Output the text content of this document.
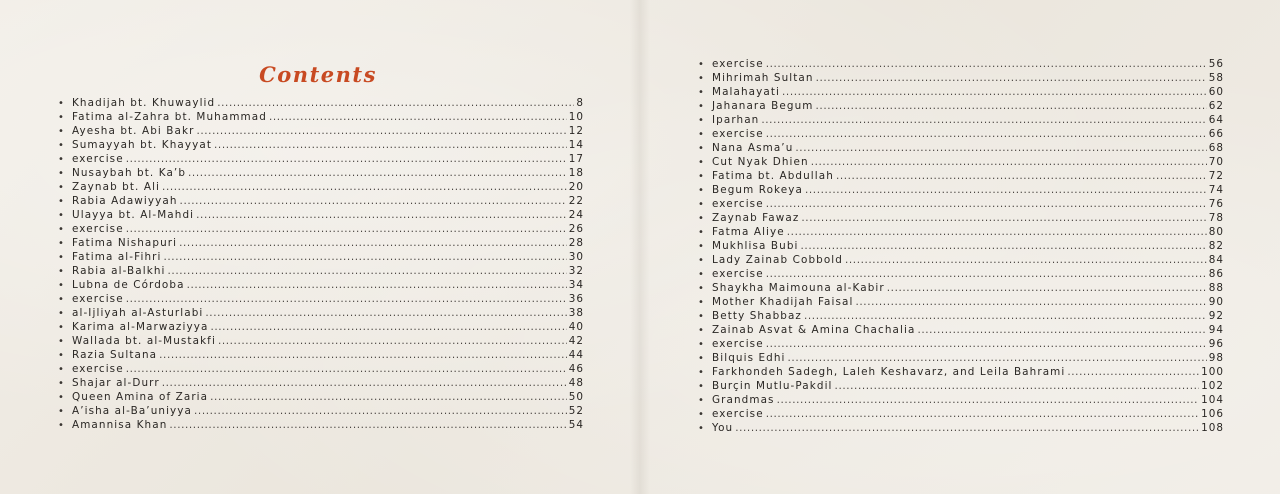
Contents
• Khadijah bt. Khuwaylid .....	8
• Fatima al-Zahra bt. Muhammad .....	10
• Ayesha bt. Abi Bakr .....	12
• Sumayyah bt. Khayyat .....	14
• exercise .....	17
• Nusaybah bt. Ka’b .....	18
• Zaynab bt. Ali .....	20
• Rabia Adawiyyah .....	22
• Ulayya bt. Al-Mahdi .....	24
• exercise .....	26
• Fatima Nishapuri .....	28
• Fatima al-Fihri .....	30
• Rabia al-Balkhi .....	32
• Lubna de Córdoba .....	34
• exercise .....	36
• al-Ijliyah al-Asturlabi .....	38
• Karima al-Marwaziyya .....	40
• Wallada bt. al-Mustakfi .....	42
• Razia Sultana .....	44
• exercise .....	46
• Shajar al-Durr .....	48
• Queen Amina of Zaria .....	50
• A’isha al-Ba’uniyya .....	52
• Amannisa Khan .....	54
• exercise .....	56
• Mihrimah Sultan .....	58
• Malahayati .....	60
• Jahanara Begum .....	62
• Iparhan .....	64
• exercise .....	66
• Nana Asma’u .....	68
• Cut Nyak Dhien .....	70
• Fatima bt. Abdullah .....	72
• Begum Rokeya .....	74
• exercise .....	76
• Zaynab Fawaz .....	78
• Fatma Aliye .....	80
• Mukhlisa Bubi .....	82
• Lady Zainab Cobbold .....	84
• exercise .....	86
• Shaykha Maimouna al-Kabir .....	88
• Mother Khadijah Faisal .....	90
• Betty Shabbaz .....	92
• Zainab Asvat & Amina Chachalia .....	94
• exercise .....	96
• Bilquis Edhi .....	98
• Farkhondeh Sadegh, Laleh Keshavarz, and Leila Bahrami .....	100
• Burçin Mutlu-Pakdil .....	102
• Grandmas .....	104
• exercise .....	106
• You .....	108
